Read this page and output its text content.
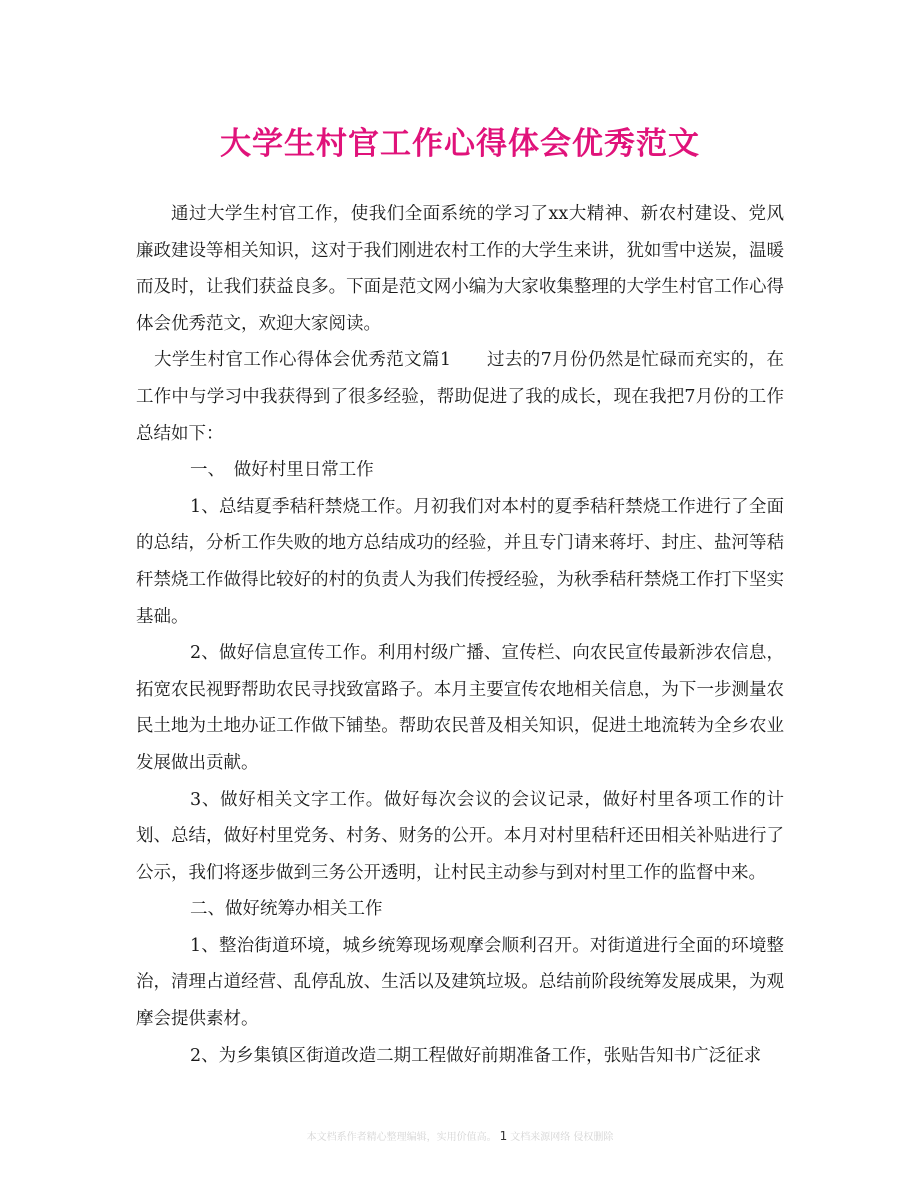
大学生村官工作心得体会优秀范文

通过大学生村官工作，使我们全面系统的学习了xx大精神、新农村建设、党风廉政建设等相关知识，这对于我们刚进农村工作的大学生来讲，犹如雪中送炭，温暖而及时，让我们获益良多。下面是范文网小编为大家收集整理的大学生村官工作心得体会优秀范文，欢迎大家阅读。

大学生村官工作心得体会优秀范文篇1　　过去的7月份仍然是忙碌而充实的，在工作中与学习中我获得到了很多经验，帮助促进了我的成长，现在我把7月份的工作总结如下：

一、　做好村里日常工作

1、总结夏季秸秆禁烧工作。月初我们对本村的夏季秸秆禁烧工作进行了全面的总结，分析工作失败的地方总结成功的经验，并且专门请来蒋圩、封庄、盐河等秸秆禁烧工作做得比较好的村的负责人为我们传授经验，为秋季秸秆禁烧工作打下坚实基础。

2、做好信息宣传工作。利用村级广播、宣传栏、向农民宣传最新涉农信息，拓宽农民视野帮助农民寻找致富路子。本月主要宣传农地相关信息，为下一步测量农民土地为土地办证工作做下铺垫。帮助农民普及相关知识，促进土地流转为全乡农业发展做出贡献。

3、做好相关文字工作。做好每次会议的会议记录，做好村里各项工作的计划、总结，做好村里党务、村务、财务的公开。本月对村里秸秆还田相关补贴进行了公示，我们将逐步做到三务公开透明，让村民主动参与到对村里工作的监督中来。

二、做好统筹办相关工作

1、整治街道环境，城乡统筹现场观摩会顺利召开。对街道进行全面的环境整治，清理占道经营、乱停乱放、生活以及建筑垃圾。总结前阶段统筹发展成果，为观摩会提供素材。

2、为乡集镇区街道改造二期工程做好前期准备工作，张贴告知书广泛征求

本文档系作者精心整理编辑，实用价值高。 1 文档来源网络 侵权删除
